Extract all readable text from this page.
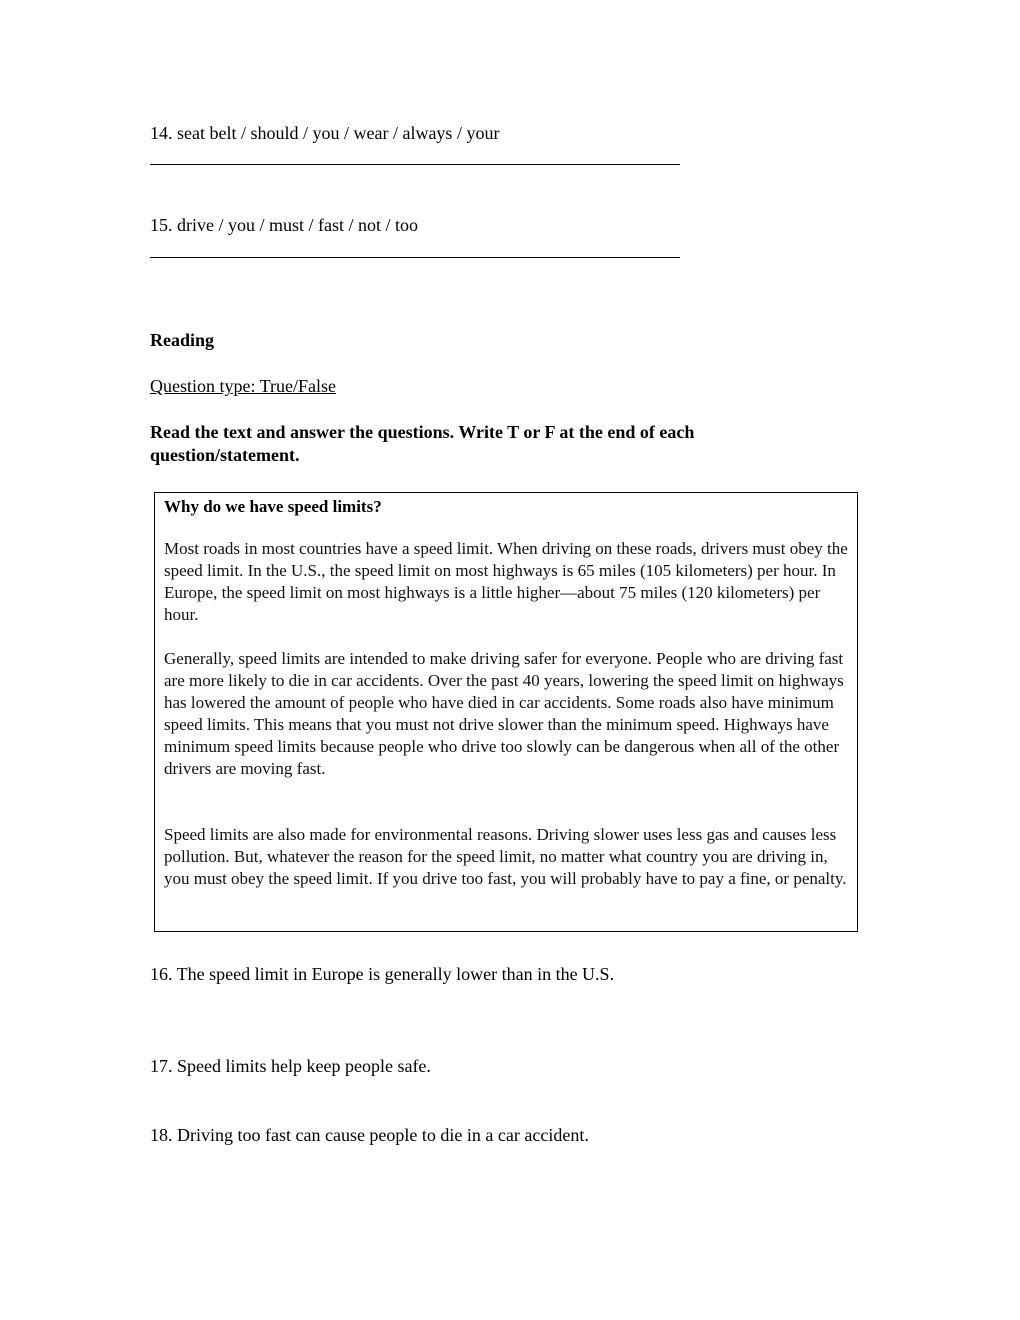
14. seat belt / should / you / wear / always / your
15. drive / you / must / fast / not / too
Reading
Question type: True/False
Read the text and answer the questions. Write T or F at the end of each question/statement.
Why do we have speed limits?
Most roads in most countries have a speed limit. When driving on these roads, drivers must obey the speed limit. In the U.S., the speed limit on most highways is 65 miles (105 kilometers) per hour. In Europe, the speed limit on most highways is a little higher—about 75 miles (120 kilometers) per hour.
Generally, speed limits are intended to make driving safer for everyone. People who are driving fast are more likely to die in car accidents. Over the past 40 years, lowering the speed limit on highways has lowered the amount of people who have died in car accidents. Some roads also have minimum speed limits. This means that you must not drive slower than the minimum speed. Highways have minimum speed limits because people who drive too slowly can be dangerous when all of the other drivers are moving fast.
Speed limits are also made for environmental reasons. Driving slower uses less gas and causes less pollution. But, whatever the reason for the speed limit, no matter what country you are driving in, you must obey the speed limit. If you drive too fast, you will probably have to pay a fine, or penalty.
16. The speed limit in Europe is generally lower than in the U.S.
17. Speed limits help keep people safe.
18. Driving too fast can cause people to die in a car accident.
